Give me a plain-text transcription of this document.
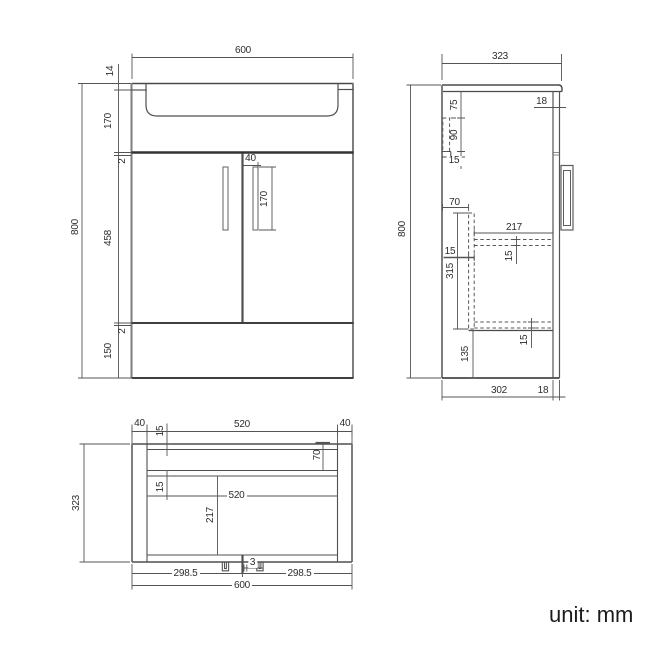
600
800
14
170
2
458
2
150
40
170
323
18
75
90
15
70
15
217
15
315
15
135
800
302	18
40	520	40
15
70
15
520
217
3
298.5	298.5
600
323
unit: mm
